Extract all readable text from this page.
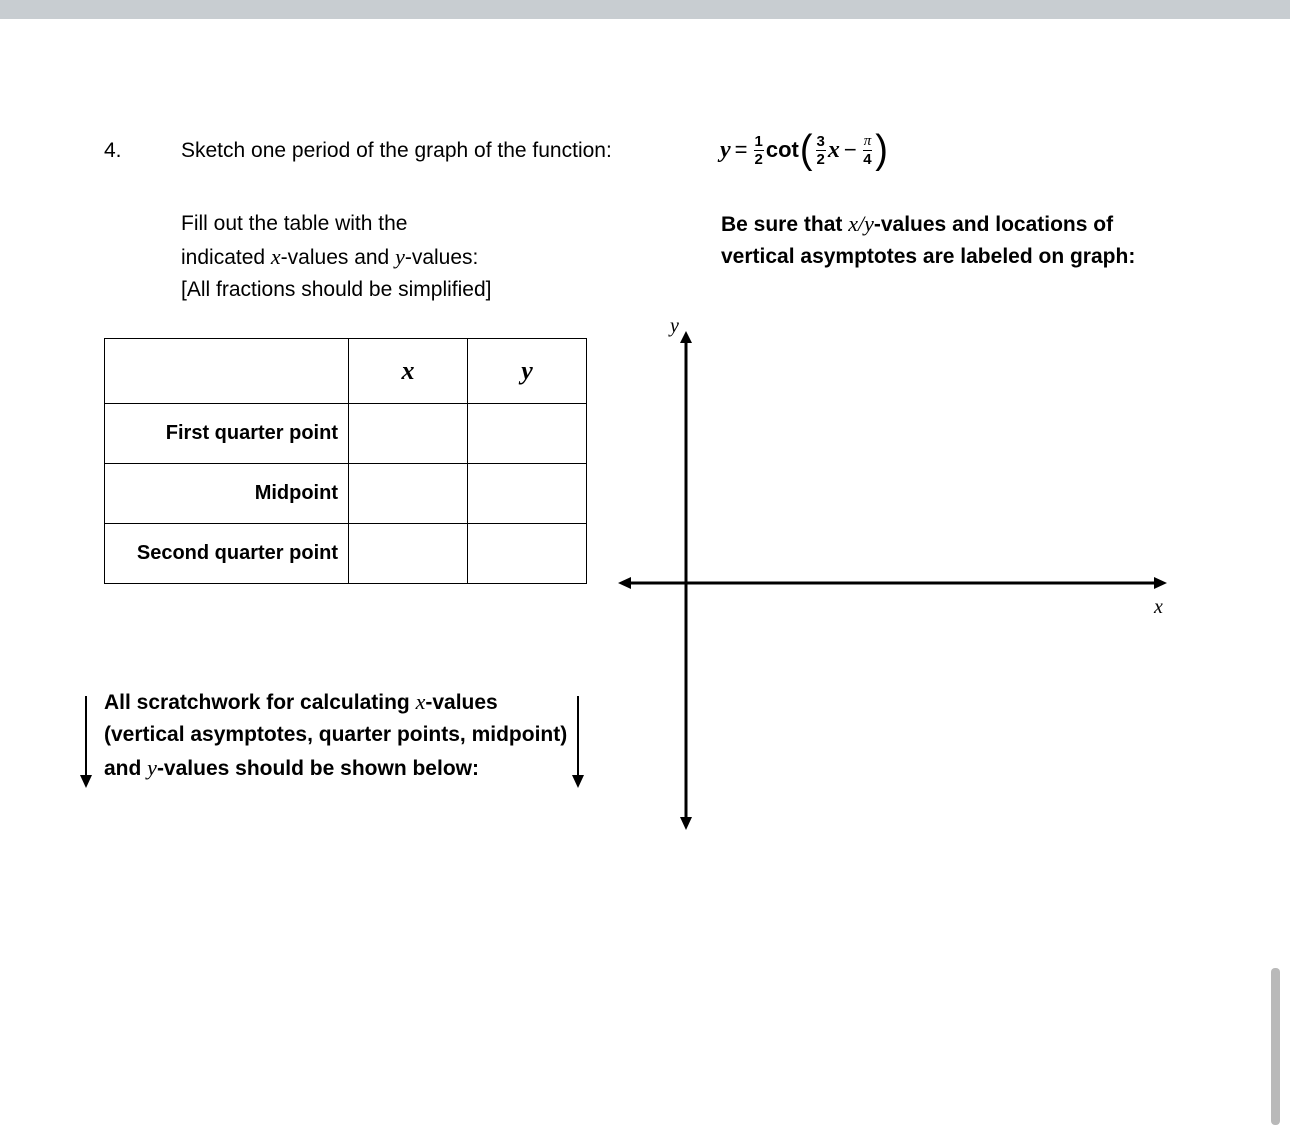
4.	Sketch one period of the graph of the function:	$y = \frac{1}{2}$ cot ( $\frac{3}{2}$ $x - \frac{\pi}{4}$ )
Fill out the table with the
indicated x-values and y-values:
[All fractions should be simplified]
Be sure that x/y-values and locations of
vertical asymptotes are labeled on graph:
	x	y
First quarter point		
Midpoint		
Second quarter point		
All scratchwork for calculating x-values
(vertical asymptotes, quarter points, midpoint)
and y-values should be shown below:
x
y
